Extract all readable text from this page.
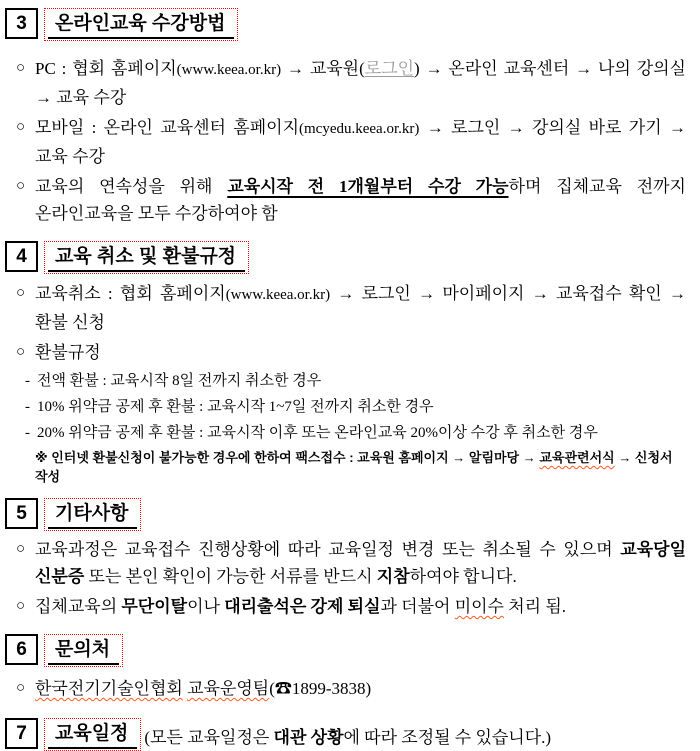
3	온라인교육 수강방법
○ PC : 협회 홈페이지(www.keea.or.kr) → 교육원(로그인) → 온라인 교육센터 → 나의 강의실 → 교육 수강
○ 모바일 : 온라인 교육센터 홈페이지(mcyedu.keea.or.kr) → 로그인 → 강의실 바로 가기 → 교육 수강
○ 교육의 연속성을 위해 교육시작 전 1개월부터 수강 가능하며 집체교육 전까지 온라인교육을 모두 수강하여야 함
4	교육 취소 및 환불규정
○ 교육취소 : 협회 홈페이지(www.keea.or.kr) → 로그인 → 마이페이지 → 교육접수 확인 → 환불 신청
○ 환불규정
- 전액 환불 : 교육시작 8일 전까지 취소한 경우
- 10% 위약금 공제 후 환불 : 교육시작 1~7일 전까지 취소한 경우
- 20% 위약금 공제 후 환불 : 교육시작 이후 또는 온라인교육 20%이상 수강 후 취소한 경우
※ 인터넷 환불신청이 불가능한 경우에 한하여 팩스접수 : 교육원 홈페이지 → 알림마당 → 교육관련서식 → 신청서 작성
5	기타사항
○ 교육과정은 교육접수 진행상황에 따라 교육일정 변경 또는 취소될 수 있으며 교육당일 신분증 또는 본인 확인이 가능한 서류를 반드시 지참하여야 합니다.
○ 집체교육의 무단이탈이나 대리출석은 강제 퇴실과 더불어 미이수 처리 됨.
6	문의처
○ 한국전기기술인협회 교육운영팀(☎1899-3838)
7	교육일정 (모든 교육일정은 대관 상황에 따라 조정될 수 있습니다.)
